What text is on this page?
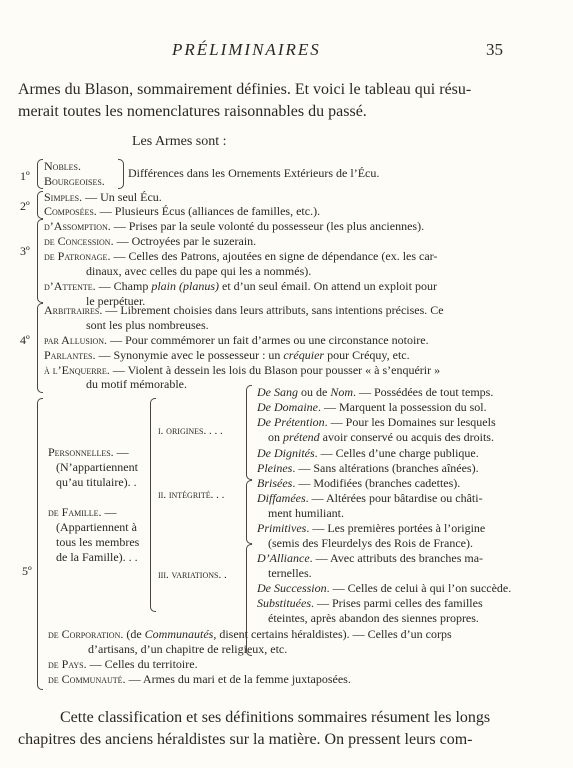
PRÉLIMINAIRES	35
Armes du Blason, sommairement définies. Et voici le tableau qui résu-
merait toutes les nomenclatures raisonnables du passé.
Les Armes sont :
1º
2º
3º
4º
5º
Nobles.
Bourgeoises.
Différences dans les Ornements Extérieurs de l’Écu.
Simples. — Un seul Écu.
Composées. — Plusieurs Écus (alliances de familles, etc.).
d’Assomption. — Prises par la seule volonté du possesseur (les plus anciennes).
de Concession. — Octroyées par le suzerain.
de Patronage. — Celles des Patrons, ajoutées en signe de dépendance (ex. les car-
dinaux, avec celles du pape qui les a nommés).
d’Attente. — Champ plain (planus) et d’un seul émail. On attend un exploit pour
le perpétuer.
Arbitraires. — Librement choisies dans leurs attributs, sans intentions précises. Ce
sont les plus nombreuses.
par Allusion. — Pour commémorer un fait d’armes ou une circonstance notoire.
Parlantes. — Synonymie avec le possesseur : un créquier pour Créquy, etc.
à l’Enquerre. — Violent à dessein les lois du Blason pour pousser « à s’enquérir »
du motif mémorable.
Personnelles. —
(N’appartiennent
qu’au titulaire). .
de Famille. —
(Appartiennent à
tous les membres
de la Famille). . .
i. origines. . . .
ii. intégrité. . .
iii. variations. .
De Sang ou de Nom. — Possédées de tout temps.
De Domaine. — Marquent la possession du sol.
De Prétention. — Pour les Domaines sur lesquels
on prétend avoir conservé ou acquis des droits.
De Dignités. — Celles d’une charge publique.
Pleines. — Sans altérations (branches aînées).
Brisées. — Modifiées (branches cadettes).
Diffamées. — Altérées pour bâtardise ou châti-
ment humiliant.
Primitives. — Les premières portées à l’origine
(semis des Fleurdelys des Rois de France).
D’Alliance. — Avec attributs des branches ma-
ternelles.
De Succession. — Celles de celui à qui l’on succède.
Substituées. — Prises parmi celles des familles
éteintes, après abandon des siennes propres.
de Corporation. (de Communautés, disent certains héraldistes). — Celles d’un corps
d’artisans, d’un chapitre de religieux, etc.
de Pays. — Celles du territoire.
de Communauté. — Armes du mari et de la femme juxtaposées.
Cette classification et ses définitions sommaires résument les longs
chapitres des anciens héraldistes sur la matière. On pressent leurs com-
